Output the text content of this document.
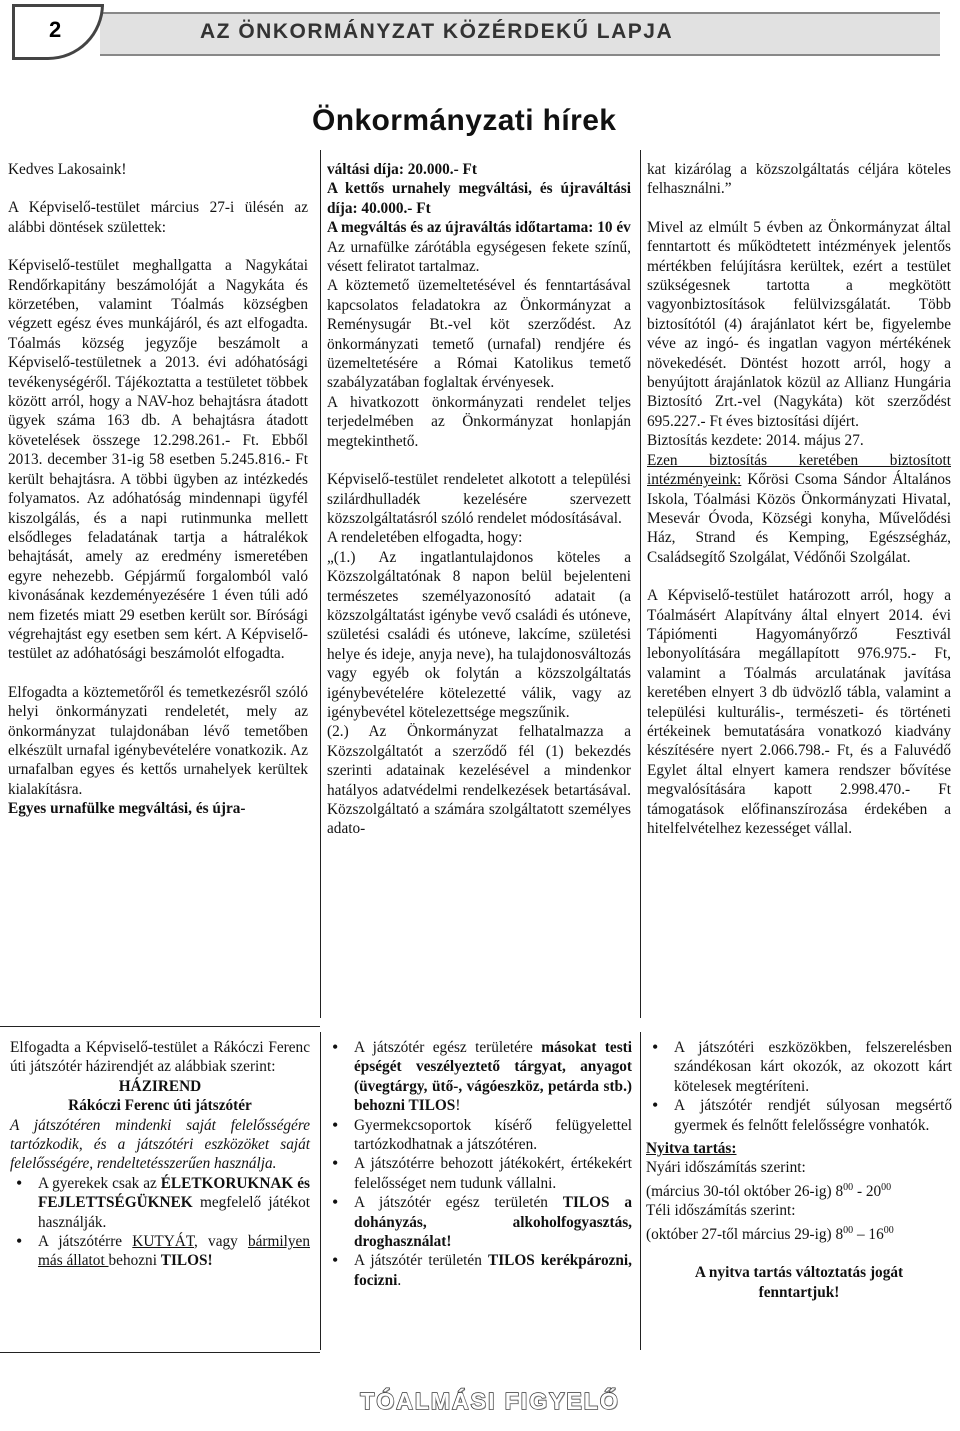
AZ ÖNKORMÁNYZAT KÖZÉRDEKŰ LAPJA
2
Önkormányzati hírek

Kedves Lakosaink!

A Képviselő-testület március 27-i ülésén az alábbi döntések születtek:

Képviselő-testület meghallgatta a Nagykátai Rendőrkapitány beszámolóját a Nagykáta és körzetében, valamint Tóalmás községben végzett egész éves munkájáról, és azt elfogadta. Tóalmás község jegyzője beszámolt a Képviselő-testületnek a 2013. évi adóhatósági tevékenységéről. Tájékoztatta a testületet többek között arról, hogy a NAV-hoz behajtásra átadott ügyek száma 163 db. A behajtásra átadott követelések összege 12.298.261.- Ft. Ebből 2013. december 31-ig 58 esetben 5.245.816.- Ft került behajtásra. A többi ügyben az intézkedés folyamatos. Az adóhatóság mindennapi ügyfél kiszolgálás, és a napi rutinmunka mellett elsődleges feladatának tartja a hátralékok behajtását, amely az eredmény ismeretében egyre nehezebb. Gépjármű forgalomból való kivonásának kezdeményezésére 1 éven túli adó nem fizetés miatt 29 esetben került sor. Bírósági végrehajtást egy esetben sem kért. A Képviselő-testület az adóhatósági beszámolót elfogadta.

Elfogadta a köztemetőről és temetkezésről szóló helyi önkormányzati rendeletét, mely az önkormányzat tulajdonában lévő temetőben elkészült urnafal igénybevételére vonatkozik. Az urnafalban egyes és kettős urnahelyek kerültek kialakításra.

Egyes urnafülke megváltási, és újra-

váltási díja: 20.000.- Ft

A kettős urnahely megváltási, és újraváltási díja: 40.000.- Ft

A megváltás és az újraváltás időtartama: 10 év

Az urnafülke zárótábla egységesen fekete színű, vésett feliratot tartalmaz.

A köztemető üzemeltetésével és fenntartásával kapcsolatos feladatokra az Önkormányzat a Reménysugár Bt.-vel köt szerződést. Az önkormányzati temető (urnafal) rendjére és üzemeltetésére a Római Katolikus temető szabályzatában foglaltak érvényesek.

A hivatkozott önkormányzati rendelet teljes terjedelmében az Önkormányzat honlapján megtekinthető.

Képviselő-testület rendeletet alkotott a települési szilárdhulladék kezelésére szervezett közszolgáltatásról szóló rendelet módosításával.

A rendeletében elfogadta, hogy:

„(1.) Az ingatlantulajdonos köteles a Közszolgáltatónak 8 napon belül bejelenteni természetes személyazonosító adatait (a közszolgáltatást igénybe vevő családi és utóneve, születési családi és utóneve, lakcíme, születési helye és ideje, anyja neve), ha tulajdonosváltozás vagy egyéb ok folytán a közszolgáltatás igénybevételére kötelezetté válik, vagy az igénybevétel kötelezettsége megszűnik.

(2.) Az Önkormányzat felhatalmazza a Közszolgáltatót a szerződő fél (1) bekezdés szerinti adatainak kezelésével a mindenkor hatályos adatvédelmi rendelkezések betartásával. Közszolgáltató a számára szolgáltatott személyes adato-

kat kizárólag a közszolgáltatás céljára köteles felhasználni.”

Mivel az elmúlt 5 évben az Önkormányzat által fenntartott és működtetett intézmények jelentős mértékben felújításra kerültek, ezért a testület szükségesnek tartotta a megkötött vagyonbiztosítások felülvizsgálatát. Több biztosítótól (4) árajánlatot kért be, figyelembe véve az ingó- és ingatlan vagyon mértékének növekedését. Döntést hozott arról, hogy a benyújtott árajánlatok közül az Allianz Hungária Biztosító Zrt.-vel (Nagykáta) köt szerződést 695.227.- Ft éves biztosítási díjért.

Biztosítás kezdete: 2014. május 27.

Ezen biztosítás keretében biztosított intézményeink: Kőrösi Csoma Sándor Általános Iskola, Tóalmási Közös Önkormányzati Hivatal, Mesevár Óvoda, Községi konyha, Művelődési Ház, Strand és Kemping, Egészségház, Családsegítő Szolgálat, Védőnői Szolgálat.

A Képviselő-testület határozott arról, hogy a Tóalmásért Alapítvány által elnyert 2014. évi Tápiómenti Hagyományőrző Fesztivál lebonyolítására megállapított 976.975.- Ft, valamint a Tóalmás arculatának javítása keretében elnyert 3 db üdvözlő tábla, valamint a települési kulturális-, természeti- és történeti értékeinek bemutatására vonatkozó kiadvány készítésére nyert 2.066.798.- Ft, és a Faluvédő Egylet által elnyert kamera rendszer bővítése megvalósítására kapott 2.998.470.- Ft támogatások előfinanszírozása érdekében a hitelfelvételhez kezességet vállal.

Elfogadta a Képviselő-testület a Rákóczi Ferenc úti játszótér házirendjét az alábbiak szerint:

HÁZIREND

Rákóczi Ferenc úti játszótér

A játszótéren mindenki saját felelősségére tartózkodik, és a játszótéri eszközöket saját felelősségére, rendeltetésszerűen használja.

• A gyerekek csak az ÉLETKORUKNAK és FEJLETTSÉGÜKNEK megfelelő játékot használják.
• A játszótérre KUTYÁT, vagy bármilyen más állatot behozni TILOS!
• A játszótér egész területére másokat testi épségét veszélyeztető tárgyat, anyagot (üvegtárgy, ütő-, vágóeszköz, petárda stb.) behozni TILOS!
• Gyermekcsoportok kísérő felügyelettel tartózkodhatnak a játszótéren.
• A játszótérre behozott játékokért, értékekért felelősséget nem tudunk vállalni.
• A játszótér egész területén TILOS a dohányzás, alkoholfogyasztás, droghasználat!
• A játszótér területén TILOS kerékpározni, focizni.
• A játszótéri eszközökben, felszerelésben szándékosan kárt okozók, az okozott kárt kötelesek megtéríteni.
• A játszótér rendjét súlyosan megsértő gyermek és felnőtt felelősségre vonhatók.

Nyitva tartás:

Nyári időszámítás szerint:

(március 30-tól október 26-ig) $8^{00} - 20^{00}$

Téli időszámítás szerint:

(október 27-től március 29-ig) $8^{00} - 16^{00}$

A nyitva tartás változtatás jogát fenntartjuk!

TÓALMÁSI FIGYELŐ
